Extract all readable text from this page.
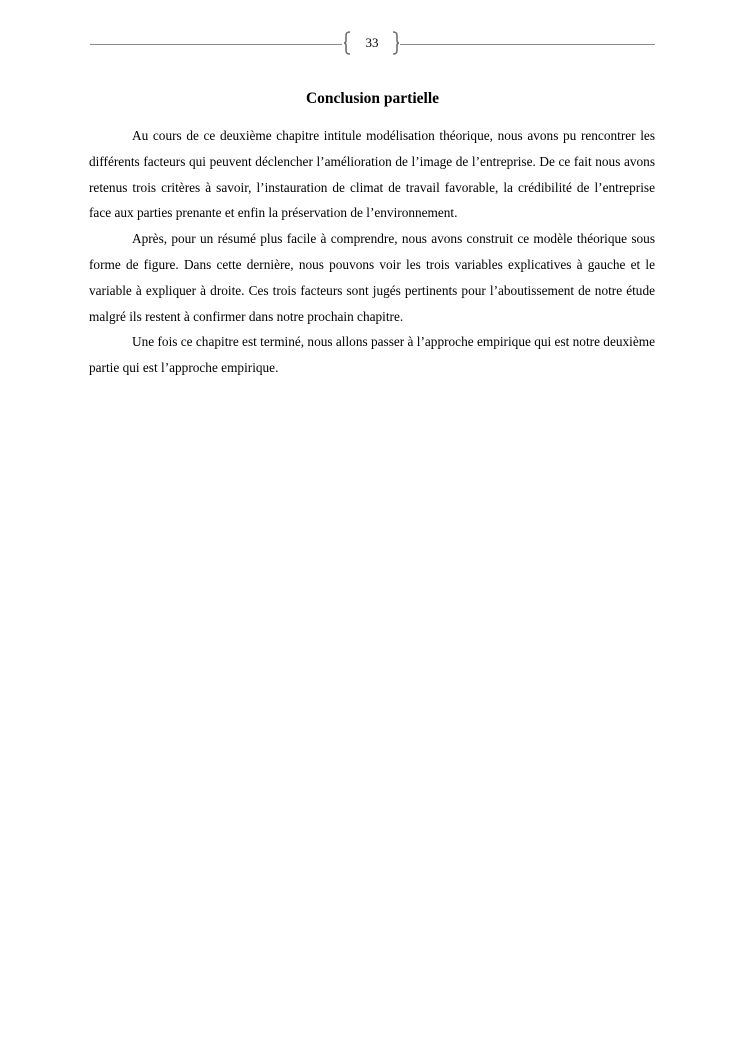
33
Conclusion partielle

Au cours de ce deuxième chapitre intitule modélisation théorique, nous avons pu rencontrer les différents facteurs qui peuvent déclencher l’amélioration de l’image de l’entreprise. De ce fait nous avons retenus trois critères à savoir, l’instauration de climat de travail favorable, la crédibilité de l’entreprise face aux parties prenante et enfin la préservation de l’environnement.

Après, pour un résumé plus facile à comprendre, nous avons construit ce modèle théorique sous forme de figure. Dans cette dernière, nous pouvons voir les trois variables explicatives à gauche et le variable à expliquer à droite. Ces trois facteurs sont jugés pertinents pour l’aboutissement de notre étude malgré ils restent à confirmer dans notre prochain chapitre.

Une fois ce chapitre est terminé, nous allons passer à l’approche empirique qui est notre deuxième partie qui est l’approche empirique.
